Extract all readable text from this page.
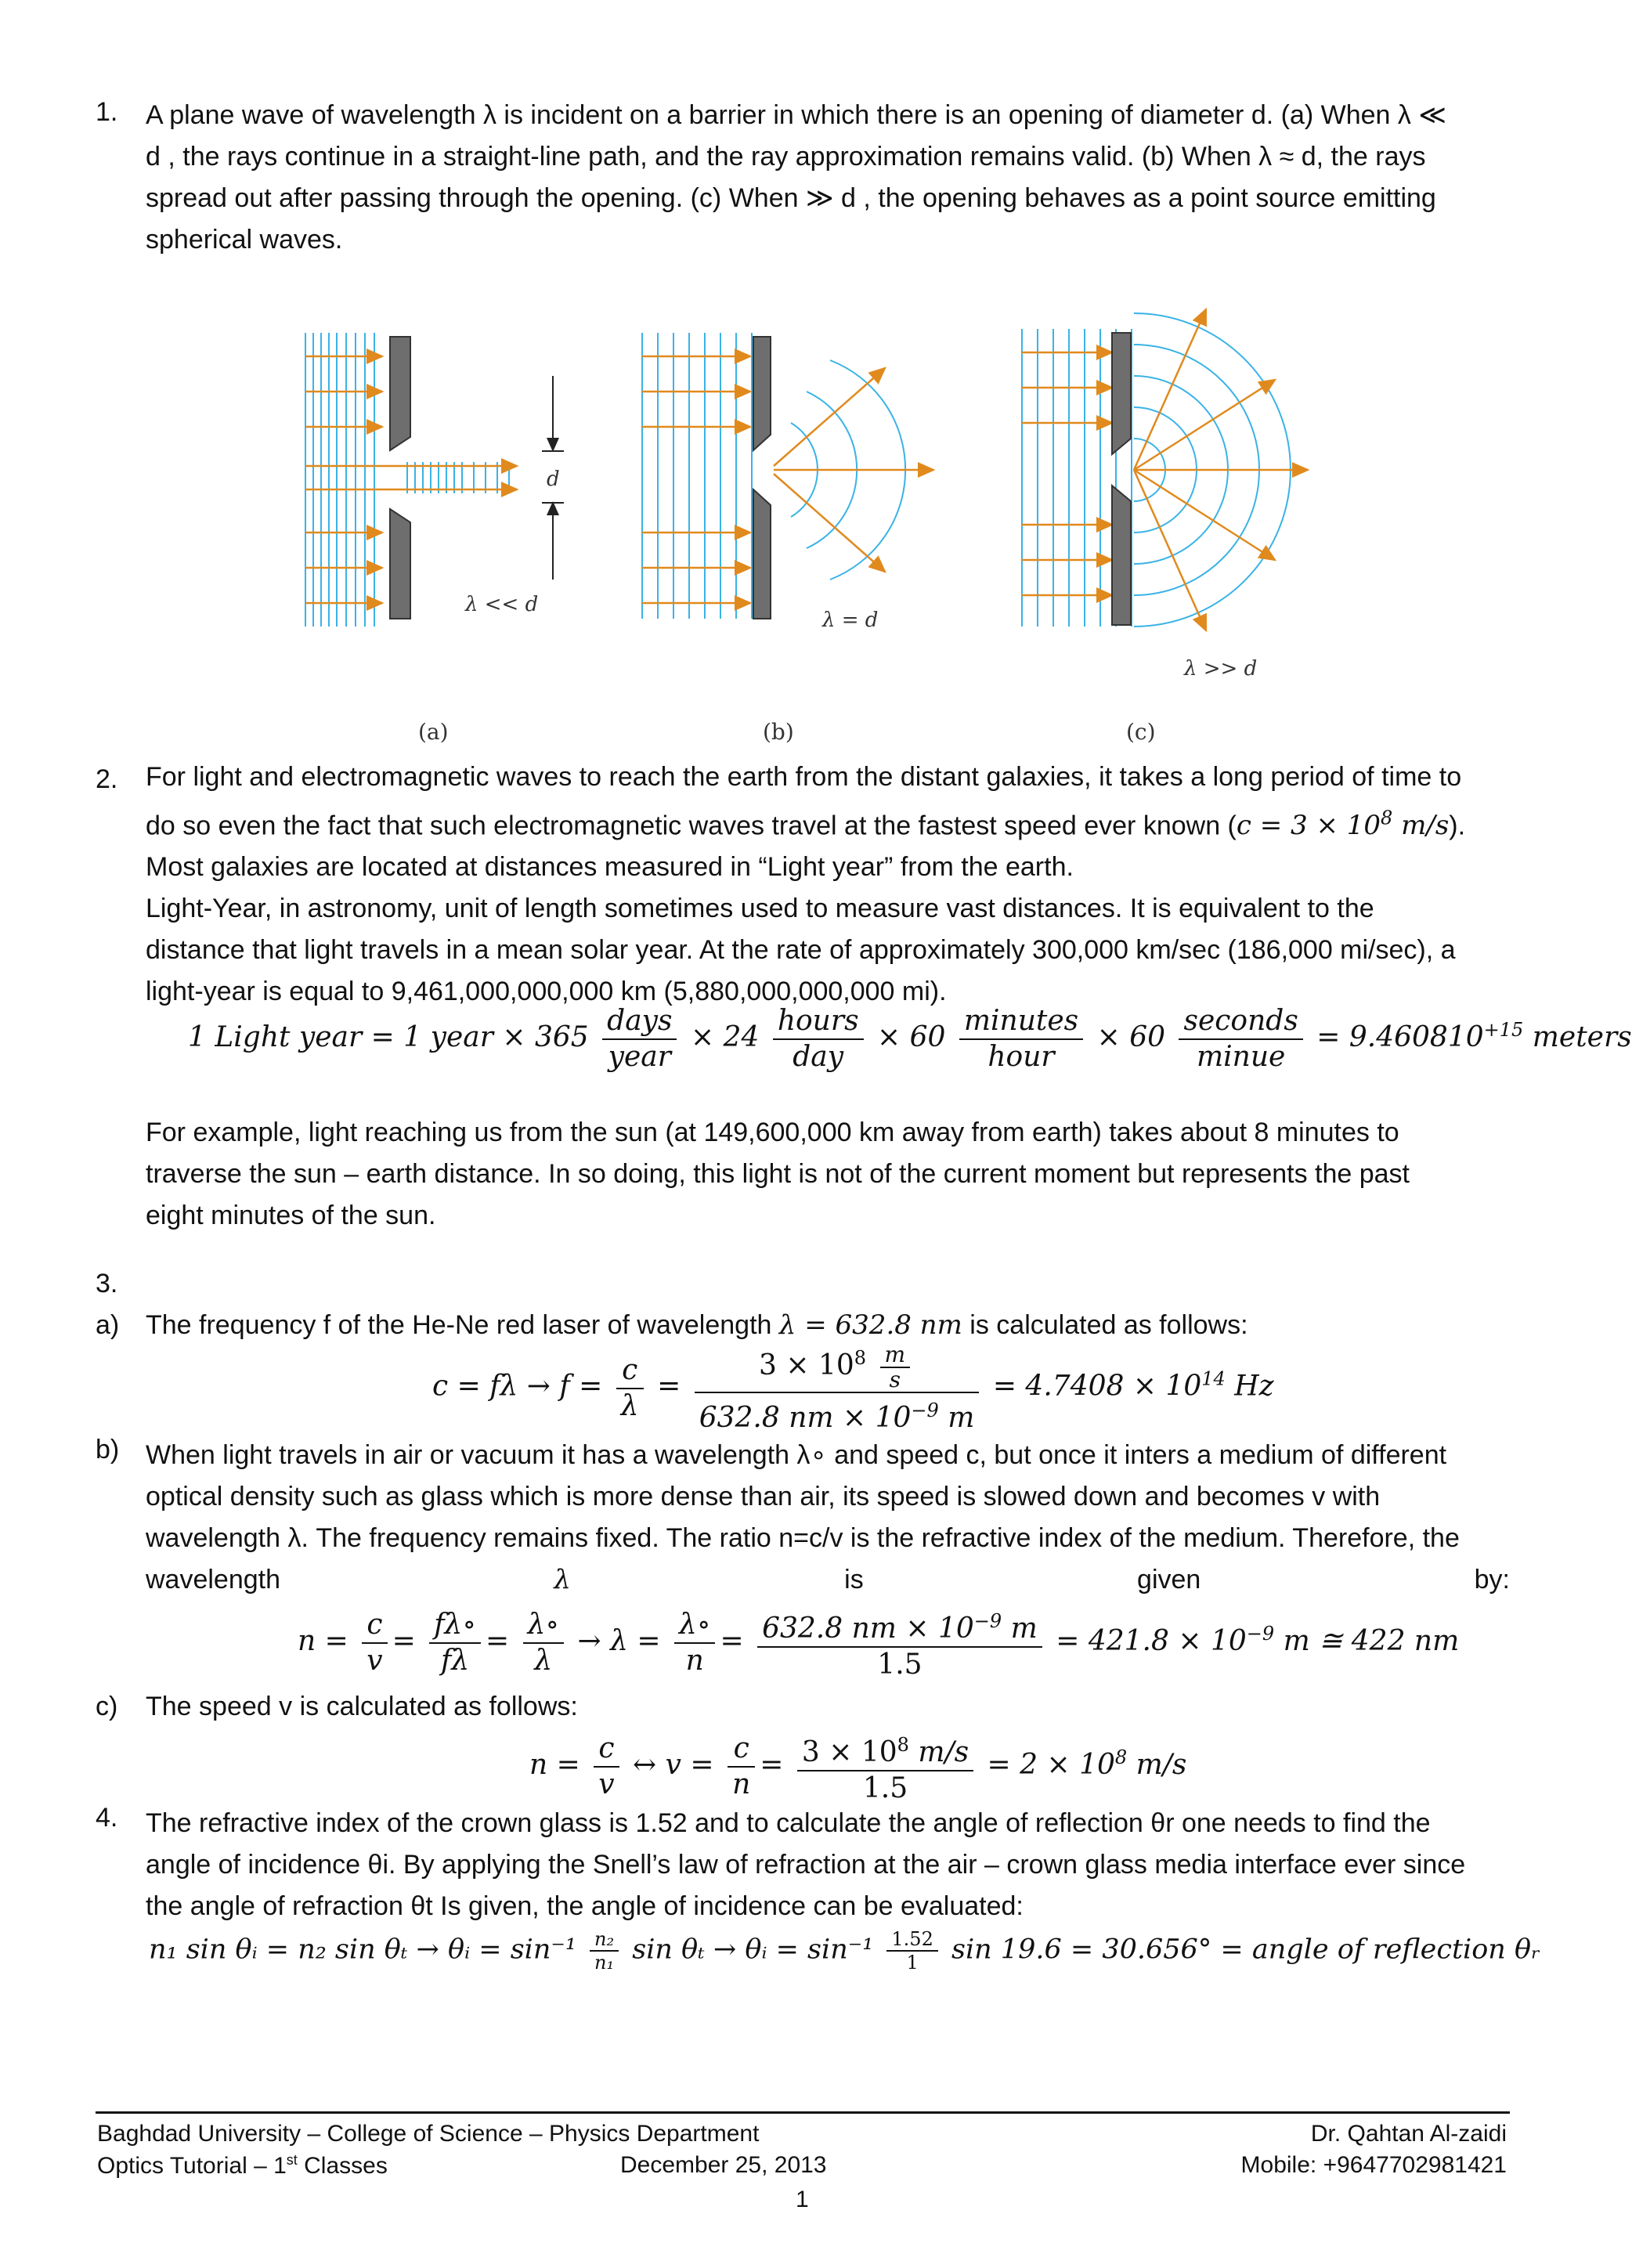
1. A plane wave of wavelength λ is incident on a barrier in which there is an opening of diameter d. (a) When λ ≪
d , the rays continue in a straight-line path, and the ray approximation remains valid. (b) When λ ≈ d, the rays
spread out after passing through the opening. (c) When ≫ d , the opening behaves as a point source emitting
spherical waves.
d
λ << d
λ = d
λ >> d
(a)	(b)	(c)
2. For light and electromagnetic waves to reach the earth from the distant galaxies, it takes a long period of time to
do so even the fact that such electromagnetic waves travel at the fastest speed ever known ($c = 3 \times 10^8$ m/s).
Most galaxies are located at distances measured in “Light year” from the earth.
Light-Year, in astronomy, unit of length sometimes used to measure vast distances. It is equivalent to the
distance that light travels in a mean solar year. At the rate of approximately 300,000 km/sec (186,000 mi/sec), a
light-year is equal to 9,461,000,000,000 km (5,880,000,000,000 mi).
1 Light year = 1 year × $365 \frac{\text{days}}{\text{year}} \times 24 \frac{\text{hours}}{\text{day}} \times 60 \frac{\text{minutes}}{\text{hour}} \times 60 \frac{\text{seconds}}{\text{minue}} = 9.460810^{+15}$ meters
For example, light reaching us from the sun (at 149,600,000 km away from earth) takes about 8 minutes to
traverse the sun – earth distance. In so doing, this light is not of the current moment but represents the past
eight minutes of the sun.
3.
a) The frequency f of the He-Ne red laser of wavelength λ = 632.8 nm is calculated as follows:
$c = f\lambda \to f = \frac{c}{\lambda} = \frac{3 \times 10^8 \frac{m}{s}}{632.8 nm \times 10^{-9} m} = 4.7408 \times 10^{14}$ Hz
b) When light travels in air or vacuum it has a wavelength λ∘ and speed c, but once it inters a medium of different
optical density such as glass which is more dense than air, its speed is slowed down and becomes v with
wavelength λ. The frequency remains fixed. The ratio n=c/v is the refractive index of the medium. Therefore, the
wavelength	λ	is	given	by:
$n = \frac{c}{v} = \frac{f\lambda\circ}{f\lambda} = \frac{\lambda\circ}{\lambda} \to \lambda = \frac{\lambda\circ}{n} = \frac{632.8 nm \times 10^{-9} m}{1.5} = 421.8 \times 10^{-9}$ m ≅ 422 nm
c) The speed v is calculated as follows:
$n = \frac{c}{v}$ ↔ $v = \frac{c}{n} = \frac{3 \times 10^8 m/s}{1.5} = 2 \times 10^8$ m/s
4. The refractive index of the crown glass is 1.52 and to calculate the angle of reflection θr one needs to find the
angle of incidence θi. By applying the Snell’s law of refraction at the air – crown glass media interface ever since
the angle of refraction θt Is given, the angle of incidence can be evaluated:
n₁ sin θᵢ = n₂ sin θₜ → θᵢ = $\sin^{-1} \frac{\text{n₂}}{\text{n₁}}$ sin θₜ → θᵢ = $\sin^{-1} \frac{1.52}{1}$ sin 19.6 = 30.656° = angle of reflection θᵣ
Baghdad University – College of Science – Physics Department
Optics Tutorial – 1st Classes	December 25, 2013
Dr. Qahtan Al-zaidi
Mobile: +9647702981421
1
